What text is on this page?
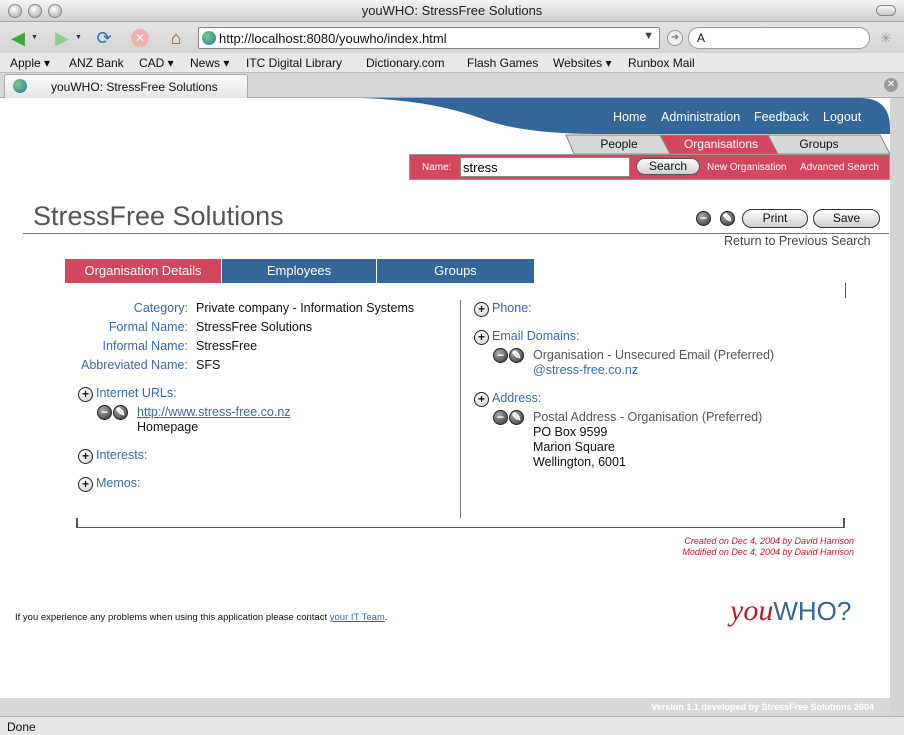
youWHO: StressFree Solutions
◀ ▼ ▶ ▼ ⟳	✕	⌂	http://localhost:8080/youwho/index.html	▼	➜	A	✳
Apple ▾ ANZ Bank CAD ▾ News ▾ ITC Digital Library Dictionary.com Flash Games Websites ▾ Runbox Mail
youWHO: StressFree Solutions	✕
Home Administration Feedback Logout
People	Organisations	Groups
Name:
stress	Search	New Organisation Advanced Search
StressFree Solutions	−	✎	Print	Save
Return to Previous Search
Organisation Details	Employees	Groups
Category: Private company - Information Systems
Formal Name: StressFree Solutions
Informal Name: StressFree
Abbreviated Name: SFS
+ Internet URLs:
− ✎ http://www.stress-free.co.nz
Homepage
+ Interests:
+ Memos:
+ Phone:
+ Email Domains:
− ✎ Organisation - Unsecured Email (Preferred)
@stress-free.co.nz
+ Address:
− ✎ Postal Address - Organisation (Preferred)
PO Box 9599
Marion Square
Wellington, 6001
Created on Dec 4, 2004 by David Harrison
Modified on Dec 4, 2004 by David Harrison
If you experience any problems when using this application please contact your IT Team.	youWHO?
Version 1.1 developed by StressFree Solutions 2004
Done
